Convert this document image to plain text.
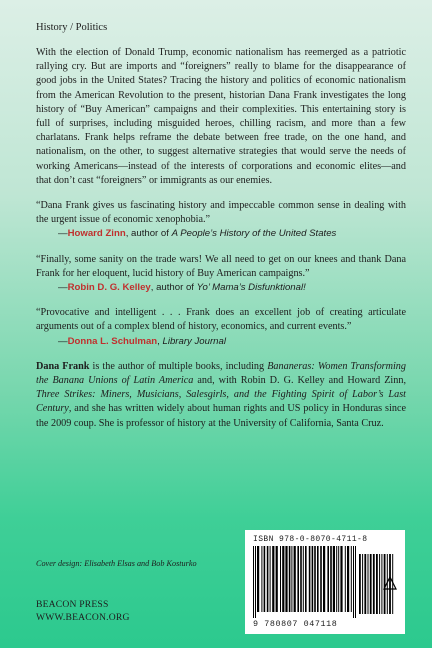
History / Politics

With the election of Donald Trump, economic nationalism has reemerged as a patriotic rallying cry. But are imports and “foreigners” really to blame for the disappearance of good jobs in the United States? Tracing the history and politics of economic nationalism from the American Revolution to the present, historian Dana Frank investigates the long history of “Buy American” campaigns and their complexities. This entertaining story is full of surprises, including misguided heroes, chilling racism, and more than a few charlatans. Frank helps reframe the debate between free trade, on the one hand, and nationalism, on the other, to suggest alternative strategies that would serve the needs of working Americans—instead of the interests of corporations and economic elites—and that don’t cast “foreigners” or immigrants as our enemies.

“Dana Frank gives us fascinating history and impeccable common sense in dealing with the urgent issue of economic xenophobia.”
—Howard Zinn, author of A People’s History of the United States
“Finally, some sanity on the trade wars! We all need to get on our knees and thank Dana Frank for her eloquent, lucid history of Buy American campaigns.”
—Robin D. G. Kelley, author of Yo’ Mama’s Disfunktional!
“Provocative and intelligent . . . Frank does an excellent job of creating articulate arguments out of a complex blend of history, economics, and current events.”
—Donna L. Schulman, Library Journal
Dana Frank is the author of multiple books, including Bananeras: Women Transforming the Banana Unions of Latin America and, with Robin D. G. Kelley and Howard Zinn, Three Strikes: Miners, Musicians, Salesgirls, and the Fighting Spirit of Labor’s Last Century, and she has written widely about human rights and US policy in Honduras since the 2009 coup. She is professor of history at the University of California, Santa Cruz.
Cover design: Elisabeth Elsas and Bob Kosturko
BEACON PRESS
WWW.BEACON.ORG
ISBN 978-0-8070-4711-8
9 780807 047118
